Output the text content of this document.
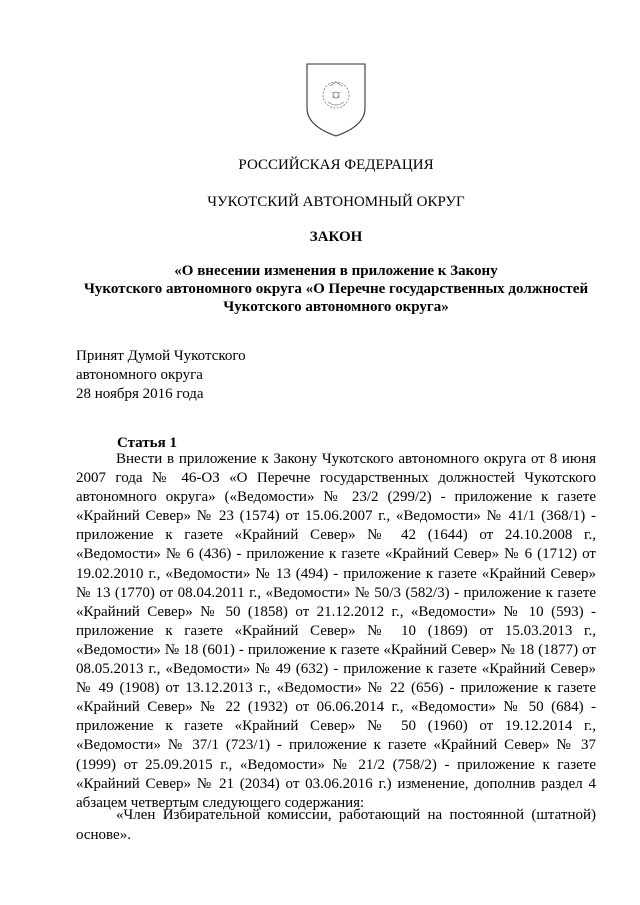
РОССИЙСКАЯ ФЕДЕРАЦИЯ
ЧУКОТСКИЙ АВТОНОМНЫЙ ОКРУГ
ЗАКОН
«О внесении изменения в приложение к Закону
Чукотского автономного округа «О Перечне государственных должностей
Чукотского автономного округа»
Принят Думой Чукотского
автономного округа
28 ноября 2016 года
Статья 1

Внести в приложение к Закону Чукотского автономного округа от 8 июня 2007 года № 46-ОЗ «О Перечне государственных должностей Чукотского автономного округа» («Ведомости» № 23/2 (299/2) - приложение к газете «Крайний Север» № 23 (1574) от 15.06.2007 г., «Ведомости» № 41/1 (368/1) - приложение к газете «Крайний Север» № 42 (1644) от 24.10.2008 г., «Ведомости» № 6 (436) - приложение к газете «Крайний Север» № 6 (1712) от 19.02.2010 г., «Ведомости» № 13 (494) - приложение к газете «Крайний Север» № 13 (1770) от 08.04.2011 г., «Ведомости» № 50/3 (582/3) - приложение к газете «Крайний Север» № 50 (1858) от 21.12.2012 г., «Ведомости» № 10 (593) - приложение к газете «Крайний Север» № 10 (1869) от 15.03.2013 г., «Ведомости» № 18 (601) - приложение к газете «Крайний Север» № 18 (1877) от 08.05.2013 г., «Ведомости» № 49 (632) - приложение к газете «Крайний Север» № 49 (1908) от 13.12.2013 г., «Ведомости» № 22 (656) - приложение к газете «Крайний Север» № 22 (1932) от 06.06.2014 г., «Ведомости» № 50 (684) - приложение к газете «Крайний Север» № 50 (1960) от 19.12.2014 г., «Ведомости» № 37/1 (723/1) - приложение к газете «Крайний Север» № 37 (1999) от 25.09.2015 г., «Ведомости» № 21/2 (758/2) - приложение к газете «Крайний Север» № 21 (2034) от 03.06.2016 г.) изменение, дополнив раздел 4 абзацем четвертым следующего содержания:

«Член Избирательной комиссии, работающий на постоянной (штатной) основе».
